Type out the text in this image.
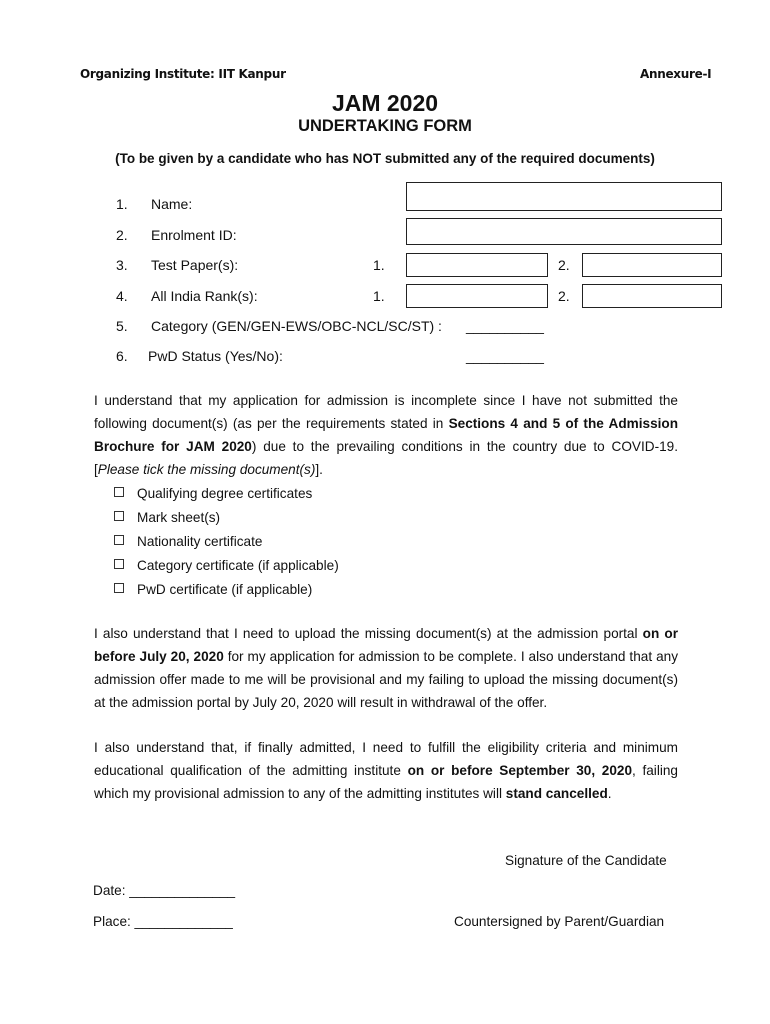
Organizing Institute: IIT Kanpur	Annexure-I
JAM 2020
UNDERTAKING FORM
(To be given by a candidate who has NOT submitted any of the required documents)
1. Name:
2. Enrolment ID:
3. Test Paper(s):	1.	2.
4. All India Rank(s):	1.	2.
5. Category (GEN/GEN-EWS/OBC-NCL/SC/ST) : __________
6. PwD Status (Yes/No):	__________
I understand that my application for admission is incomplete since I have not submitted the following document(s) (as per the requirements stated in Sections 4 and 5 of the Admission Brochure for JAM 2020) due to the prevailing conditions in the country due to COVID-19. [Please tick the missing document(s)].
Qualifying degree certificates
Mark sheet(s)
Nationality certificate
Category certificate (if applicable)
PwD certificate (if applicable)
I also understand that I need to upload the missing document(s) at the admission portal on or before July 20, 2020 for my application for admission to be complete. I also understand that any admission offer made to me will be provisional and my failing to upload the missing document(s) at the admission portal by July 20, 2020 will result in withdrawal of the offer.
I also understand that, if finally admitted, I need to fulfill the eligibility criteria and minimum educational qualification of the admitting institute on or before September 30, 2020, failing which my provisional admission to any of the admitting institutes will stand cancelled.
Signature of the Candidate
Date: ______________
Place: _____________	Countersigned by Parent/Guardian
